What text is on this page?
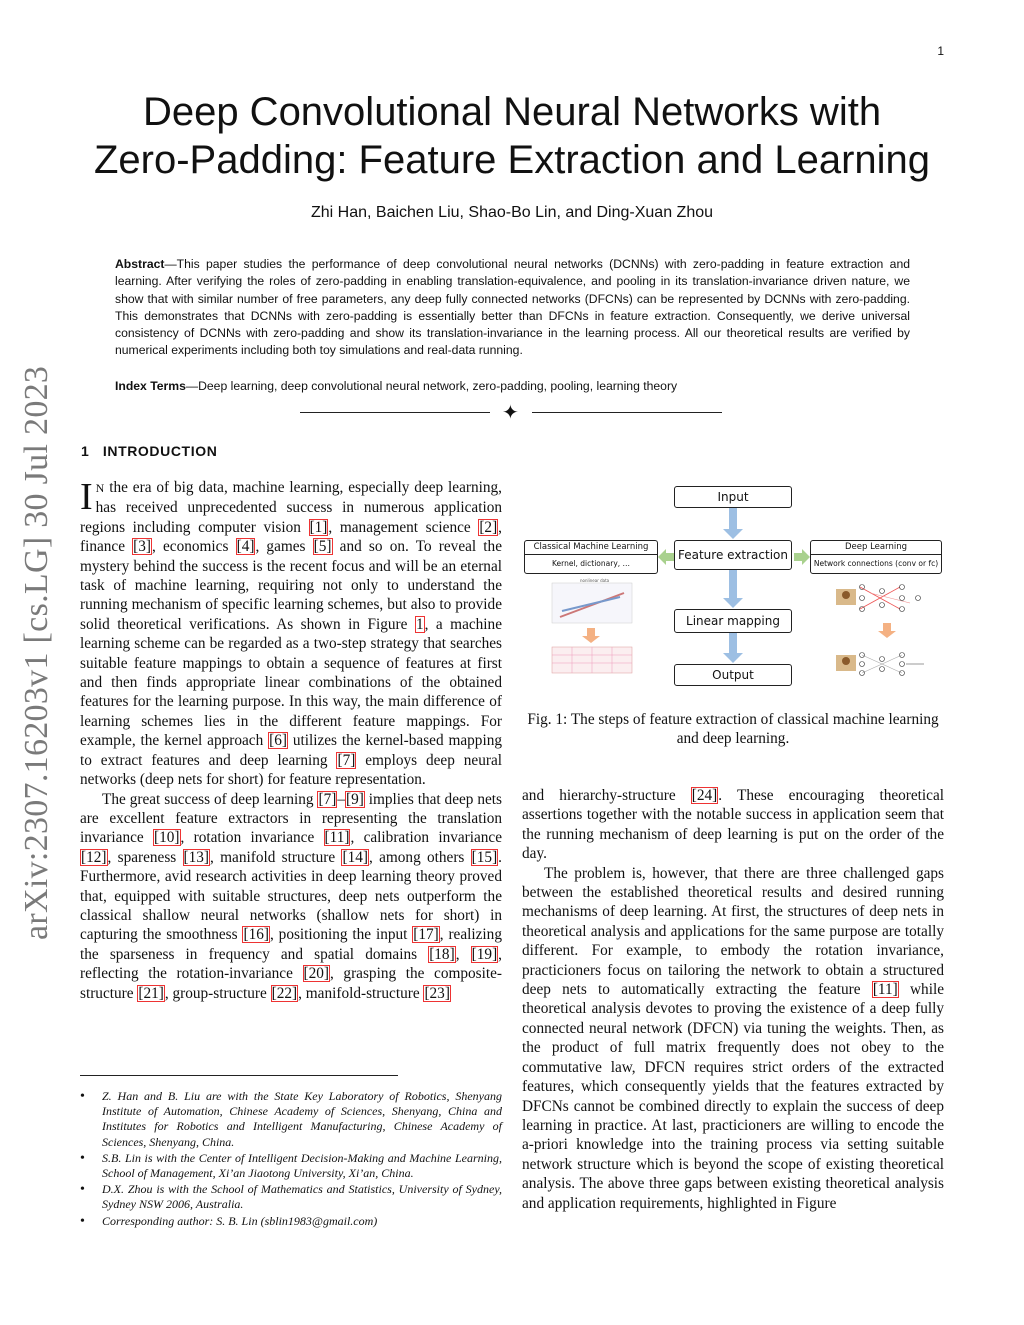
1
arXiv:2307.16203v1 [cs.LG] 30 Jul 2023
Deep Convolutional Neural Networks with
Zero-Padding: Feature Extraction and Learning
Zhi Han, Baichen Liu, Shao-Bo Lin, and Ding-Xuan Zhou
Abstract—This paper studies the performance of deep convolutional neural networks (DCNNs) with zero-padding in feature extraction and learning. After verifying the roles of zero-padding in enabling translation-equivalence, and pooling in its translation-invariance driven nature, we show that with similar number of free parameters, any deep fully connected networks (DFCNs) can be represented by DCNNs with zero-padding. This demonstrates that DCNNs with zero-padding is essentially better than DFCNs in feature extraction. Consequently, we derive universal consistency of DCNNs with zero-padding and show its translation-invariance in the learning process. All our theoretical results are verified by numerical experiments including both toy simulations and real-data running.
Index Terms—Deep learning, deep convolutional neural network, zero-padding, pooling, learning theory
✦
1 INTRODUCTION

I N the era of big data, machine learning, especially deep learning, has received unprecedented success in numerous application regions including computer vision [1], management science [2], finance [3], economics [4], games [5] and so on. To reveal the mystery behind the success is the recent focus and will be an eternal task of machine learning, requiring not only to understand the running mechanism of specific learning schemes, but also to provide solid theoretical verifications. As shown in Figure 1, a machine learning scheme can be regarded as a two-step strategy that searches suitable feature mappings to obtain a sequence of features at first and then finds appropriate linear combinations of the obtained features for the learning purpose. In this way, the main difference of learning schemes lies in the different feature mappings. For example, the kernel approach [6] utilizes the kernel-based mapping to extract features and deep learning [7] employs deep neural networks (deep nets for short) for feature representation.

The great success of deep learning [7]–[9] implies that deep nets are excellent feature extractors in representing the translation invariance [10], rotation invariance [11], calibration invariance [12], spareness [13], manifold structure [14], among others [15]. Furthermore, avid research activities in deep learning theory proved that, equipped with suitable structures, deep nets outperform the classical shallow neural networks (shallow nets for short) in capturing the smoothness [16], positioning the input [17], realizing the sparseness in frequency and spatial domains [18], [19], reflecting the rotation-invariance [20], grasping the composite-structure [21], group-structure [22], manifold-structure [23]

• Z. Han and B. Liu are with the State Key Laboratory of Robotics, Shenyang Institute of Automation, Chinese Academy of Sciences, Shenyang, China and Institutes for Robotics and Intelligent Manufacturing, Chinese Academy of Sciences, Shenyang, China.
• S.B. Lin is with the Center of Intelligent Decision-Making and Machine Learning, School of Management, Xi’an Jiaotong University, Xi’an, China.
• D.X. Zhou is with the School of Mathematics and Statistics, University of Sydney, Sydney NSW 2006, Australia.
• Corresponding author: S. B. Lin (sblin1983@gmail.com)
nonlinear data
Input
Feature extraction
Linear mapping
Output
Classical Machine Learning
Kernel, dictionary, …
Deep Learning
Network connections (conv or fc)
Fig. 1: The steps of feature extraction of classical machine learning and deep learning.

and hierarchy-structure [24]. These encouraging theoretical assertions together with the notable success in application seem that the running mechanism of deep learning is put on the order of the day.

The problem is, however, that there are three challenged gaps between the established theoretical results and desired running mechanisms of deep learning. At first, the structures of deep nets in theoretical analysis and applications for the same purpose are totally different. For example, to embody the rotation invariance, practicioners focus on tailoring the network to obtain a structured deep nets to automatically extracting the feature [11] while theoretical analysis devotes to proving the existence of a deep fully connected neural network (DFCN) via tuning the weights. Then, as the product of full matrix frequently does not obey to the commutative law, DFCN requires strict orders of the extracted features, which consequently yields that the features extracted by DFCNs cannot be combined directly to explain the success of deep learning in practice. At last, practicioners are willing to encode the a-priori knowledge into the training process via setting suitable network structure which is beyond the scope of existing theoretical analysis. The above three gaps between existing theoretical analysis and application requirements, highlighted in Figure
